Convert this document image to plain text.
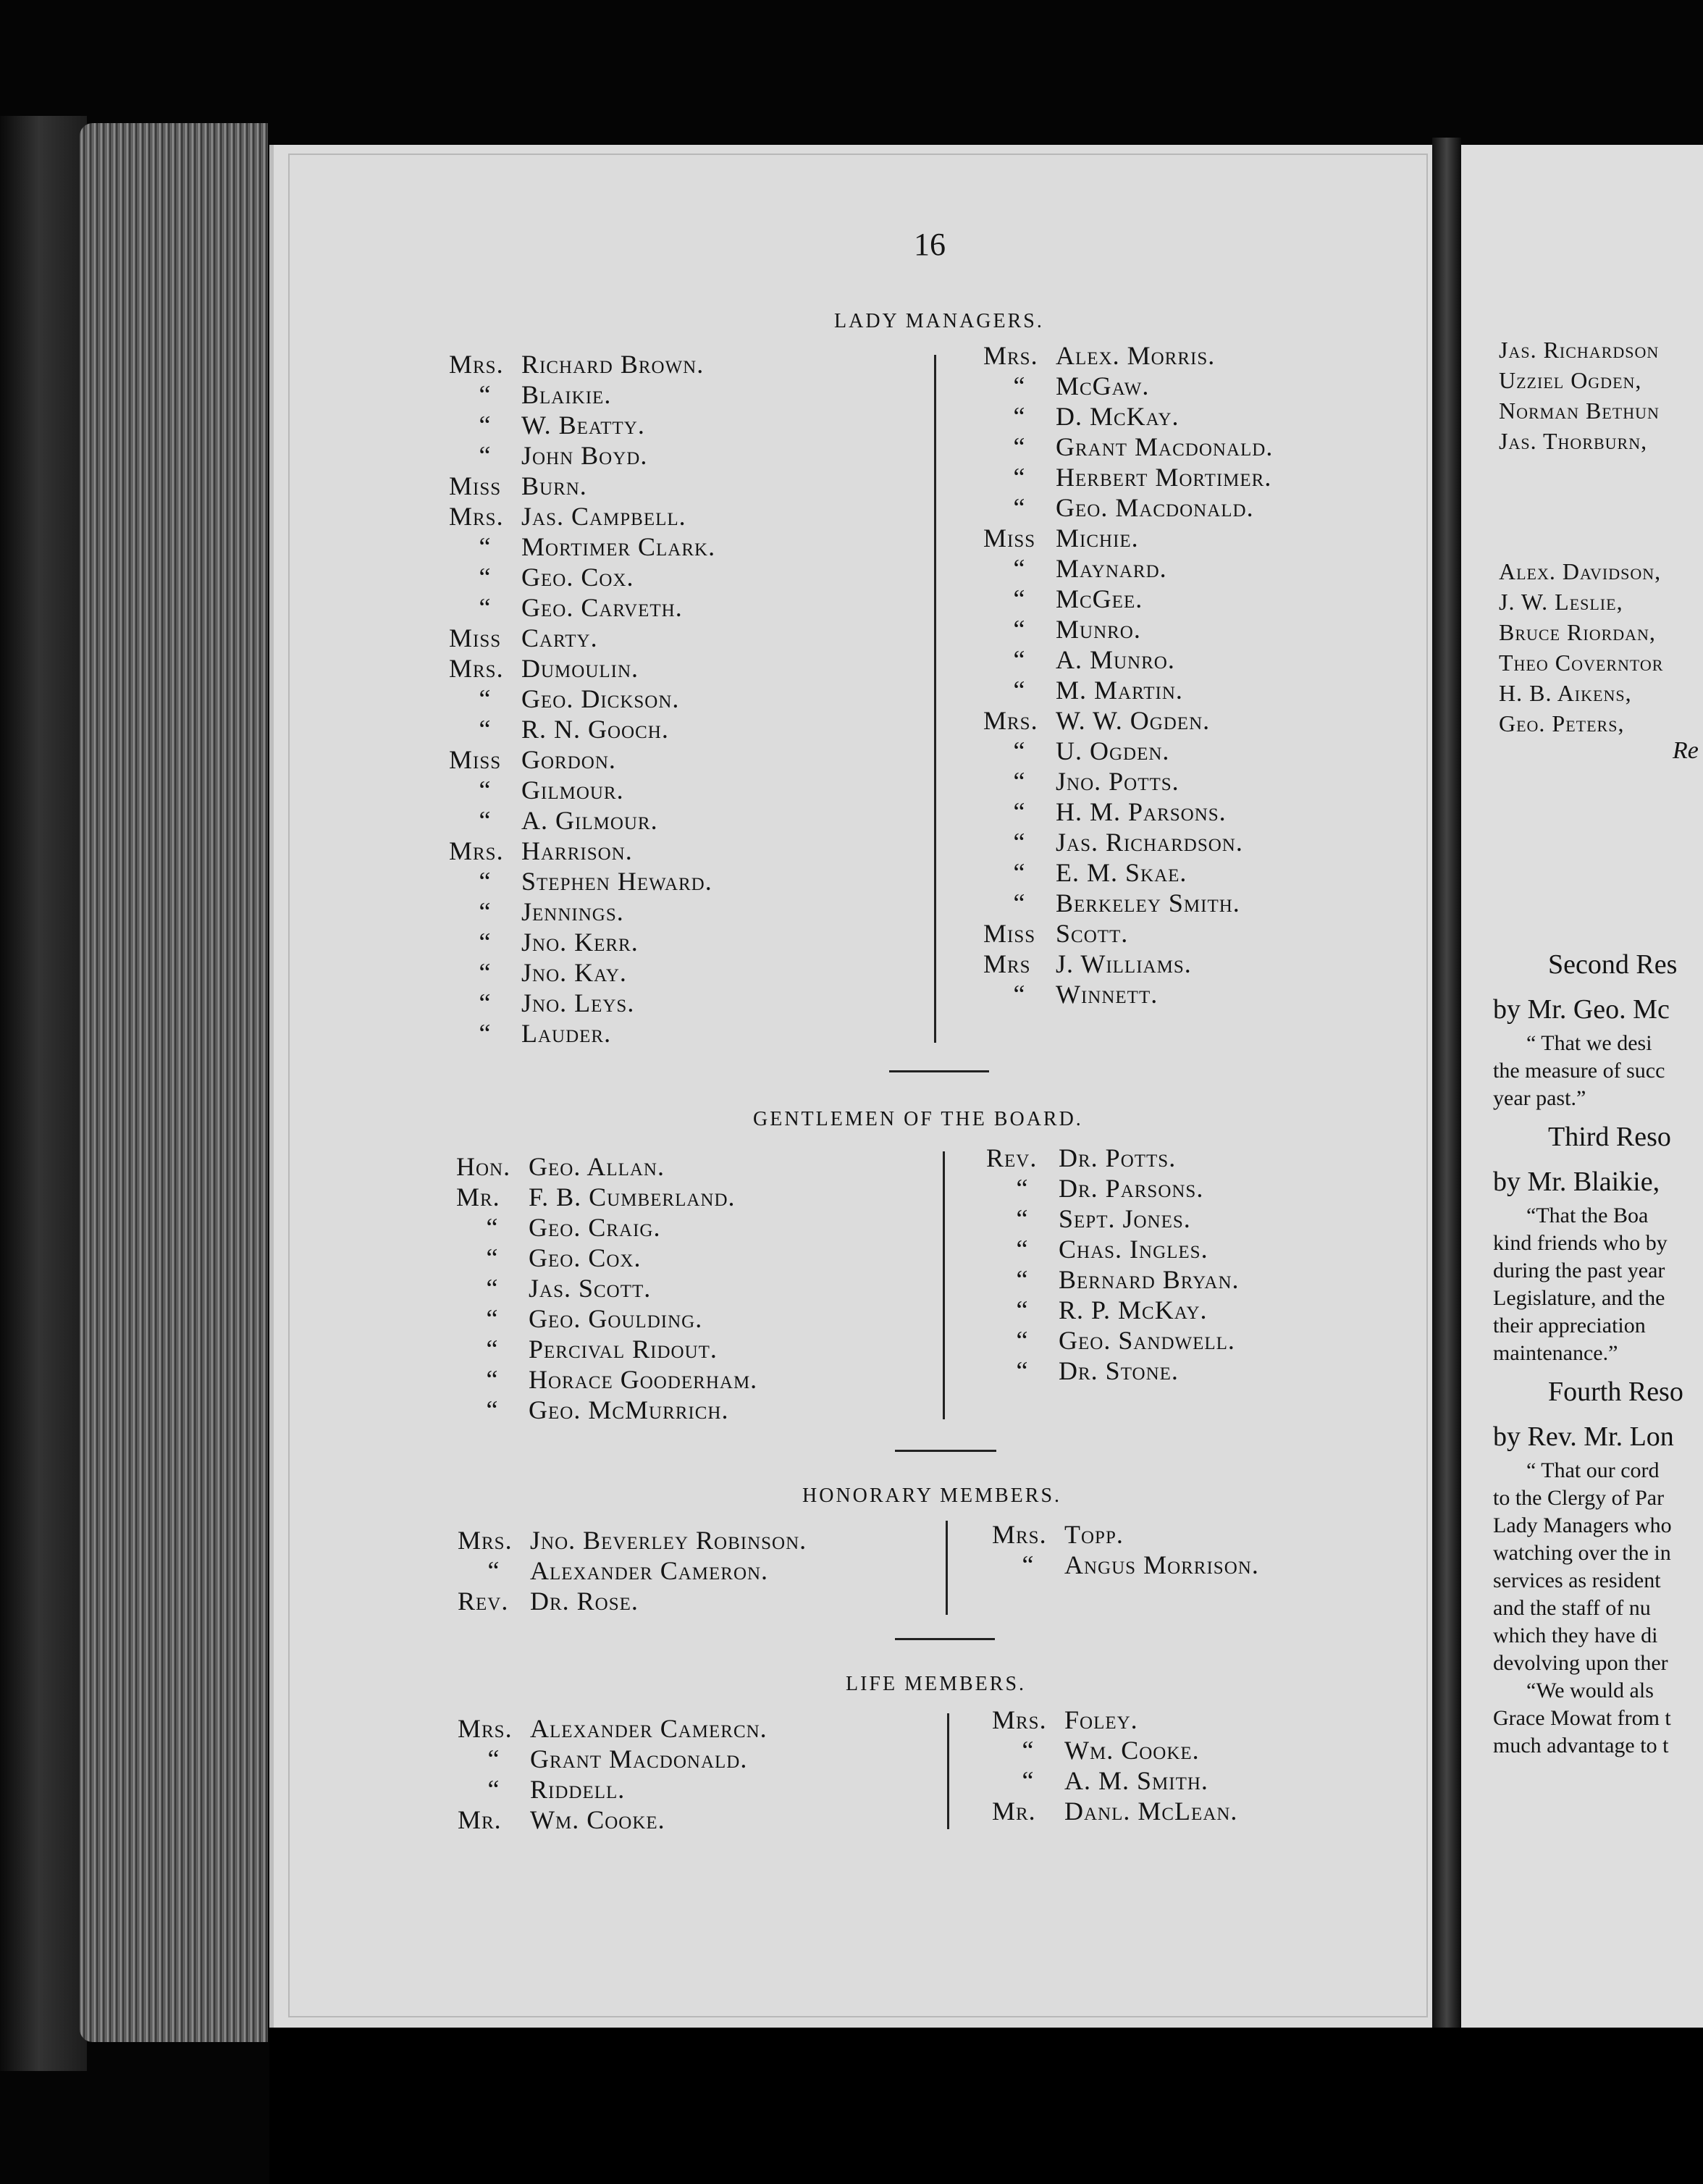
16
LADY MANAGERS.
Mrs. Richard Brown.
“ Blaikie.
“ W. Beatty.
“ John Boyd.
Miss Burn.
Mrs. Jas. Campbell.
“ Mortimer Clark.
“ Geo. Cox.
“ Geo. Carveth.
Miss Carty.
Mrs. Dumoulin.
“ Geo. Dickson.
“ R. N. Gooch.
Miss Gordon.
“ Gilmour.
“ A. Gilmour.
Mrs. Harrison.
“ Stephen Heward.
“ Jennings.
“ Jno. Kerr.
“ Jno. Kay.
“ Jno. Leys.
“ Lauder.
Mrs. Alex. Morris.
“ McGaw.
“ D. McKay.
“ Grant Macdonald.
“ Herbert Mortimer.
“ Geo. Macdonald.
Miss Michie.
“ Maynard.
“ McGee.
“ Munro.
“ A. Munro.
“ M. Martin.
Mrs. W. W. Ogden.
“ U. Ogden.
“ Jno. Potts.
“ H. M. Parsons.
“ Jas. Richardson.
“ E. M. Skae.
“ Berkeley Smith.
Miss Scott.
Mrs J. Williams.
“ Winnett.
GENTLEMEN OF THE BOARD.
Hon. Geo. Allan.
Mr. F. B. Cumberland.
“ Geo. Craig.
“ Geo. Cox.
“ Jas. Scott.
“ Geo. Goulding.
“ Percival Ridout.
“ Horace Gooderham.
“ Geo. McMurrich.
Rev. Dr. Potts.
“ Dr. Parsons.
“ Sept. Jones.
“ Chas. Ingles.
“ Bernard Bryan.
“ R. P. McKay.
“ Geo. Sandwell.
“ Dr. Stone.
HONORARY MEMBERS.
Mrs. Jno. Beverley Robinson.
“ Alexander Cameron.
Rev. Dr. Rose.
Mrs. Topp.
“ Angus Morrison.
LIFE MEMBERS.
Mrs. Alexander Camercn.
“ Grant Macdonald.
“ Riddell.
Mr. Wm. Cooke.
Mrs. Foley.
“ Wm. Cooke.
“ A. M. Smith.
Mr. Danl. McLean.
Jas. Richardson
Uzziel Ogden,
Norman Bethun
Jas. Thorburn,
Alex. Davidson,
J. W. Leslie,
Bruce Riordan,
Theo Coverntor
H. B. Aikens,
Geo. Peters,
Re
Second Res
by Mr. Geo. Mc
“ That we desi
the measure of succ
year past.”
Third Reso
by Mr. Blaikie,
“That the Boa
kind friends who by
during the past year
Legislature, and the
their appreciation
maintenance.”
Fourth Reso
by Rev. Mr. Lon
“ That our cord
to the Clergy of Par
Lady Managers who
watching over the in
services as resident
and the staff of nu
which they have di
devolving upon ther
“We would als
Grace Mowat from t
much advantage to t
